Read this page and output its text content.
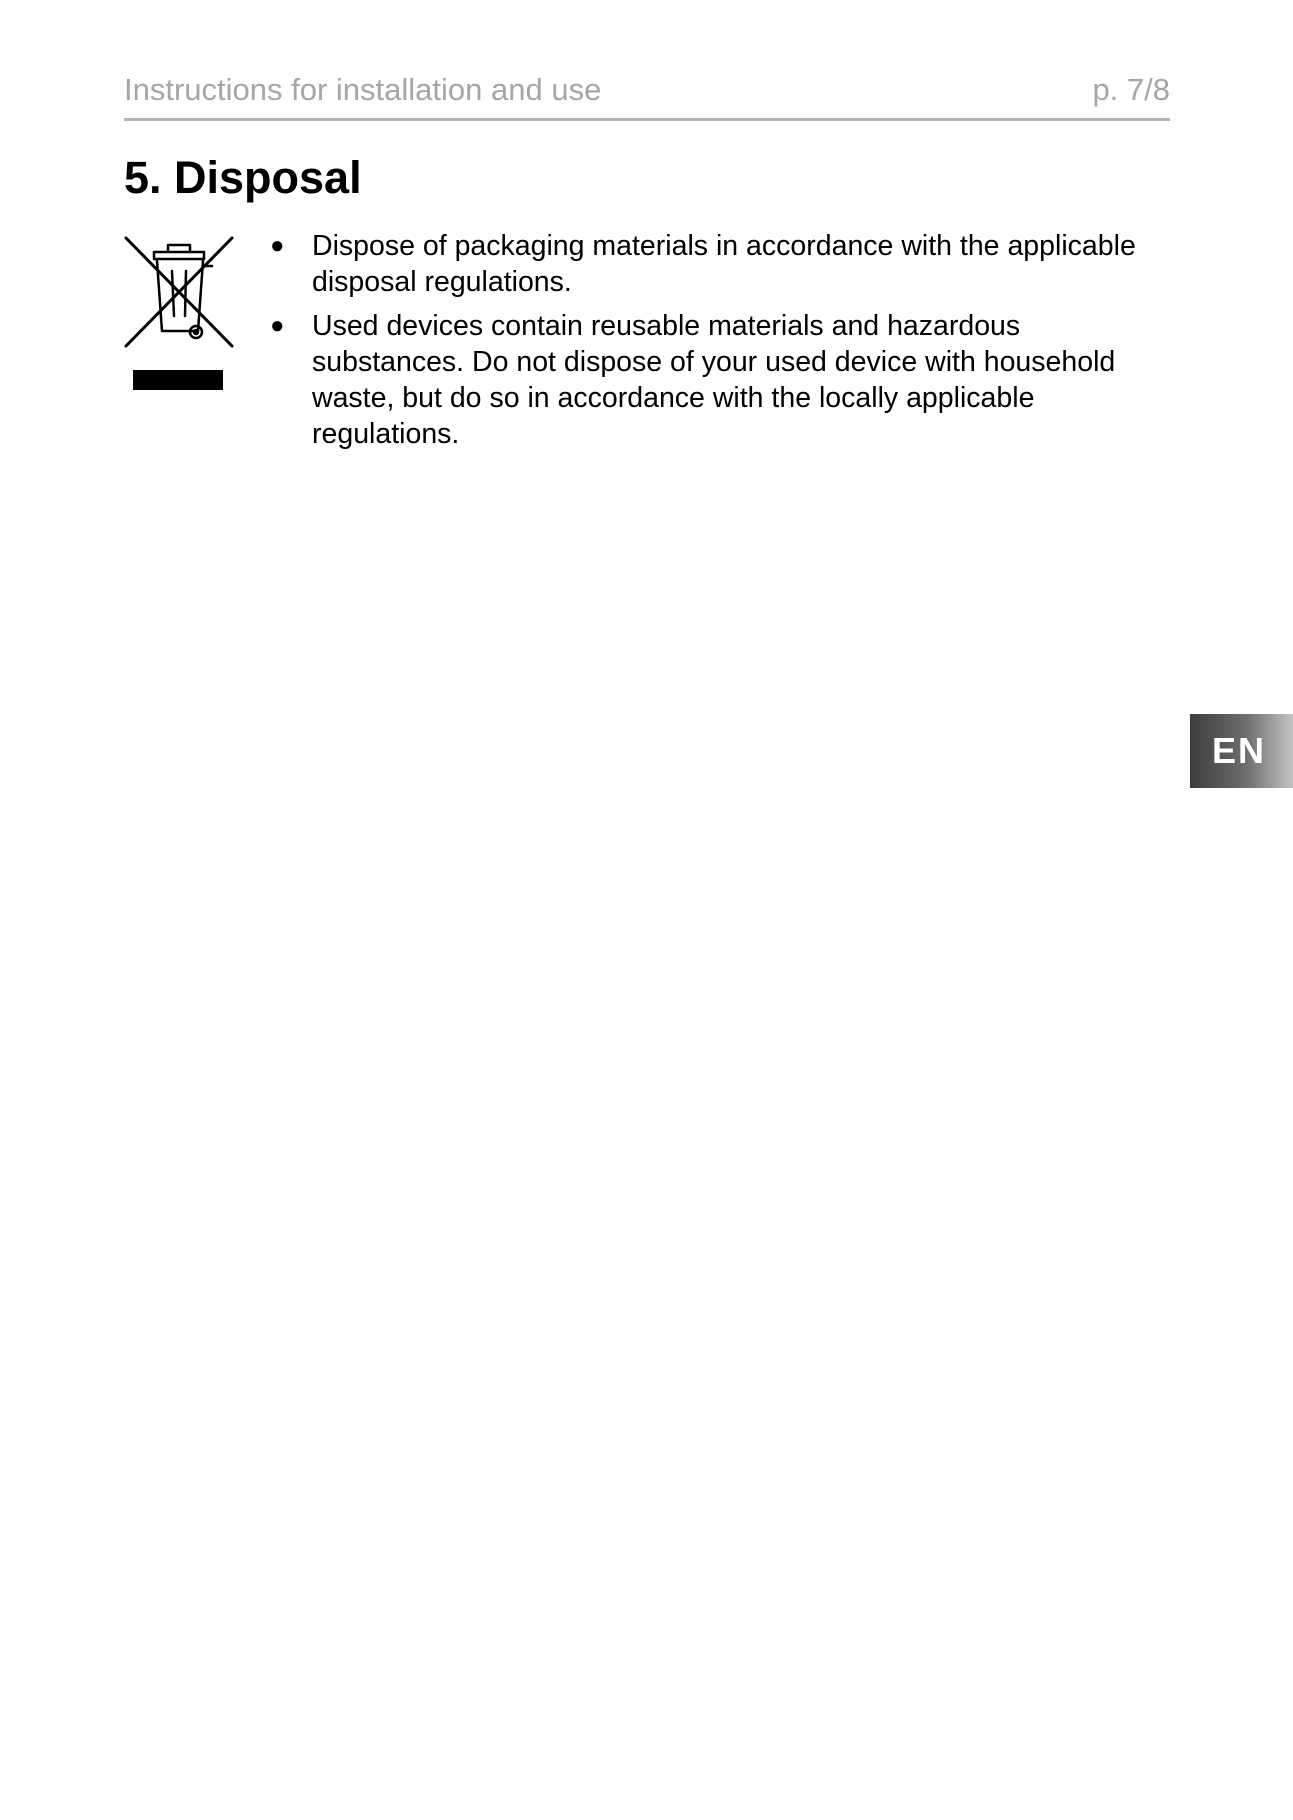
Instructions for installation and use	p. 7/8
5. Disposal
● Dispose of packaging materials in accordance with the applicable disposal regulations.
● Used devices contain reusable materials and hazardous substances. Do not dispose of your used device with household waste, but do so in accordance with the locally applicable regulations.
EN
